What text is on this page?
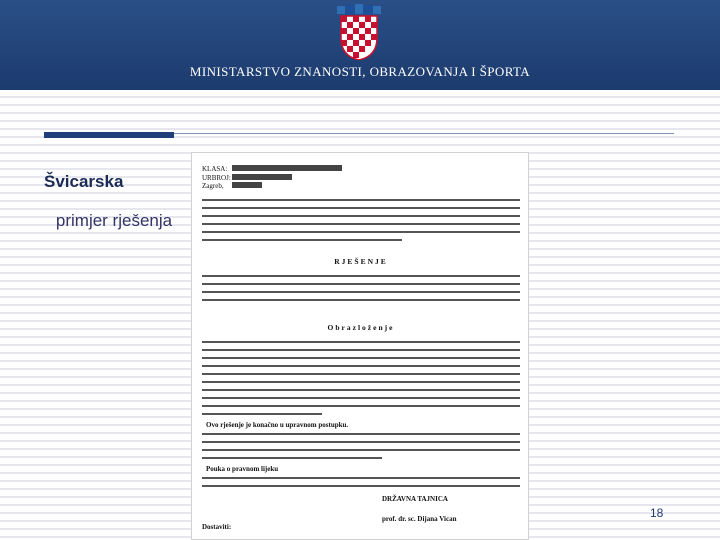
MINISTARSTVO ZNANOSTI, OBRAZOVANJA I ŠPORTA
Švicarska
primjer rješenja
KLASA:
URBROJ:
Zagreb,
RJEŠENJE
Obrazloženje
Ovo rješenje je konačno u upravnom postupku.
Pouka o pravnom lijeku
DRŽAVNA TAJNICA
prof. dr. sc. Dijana Vican
Dostaviti:
18
